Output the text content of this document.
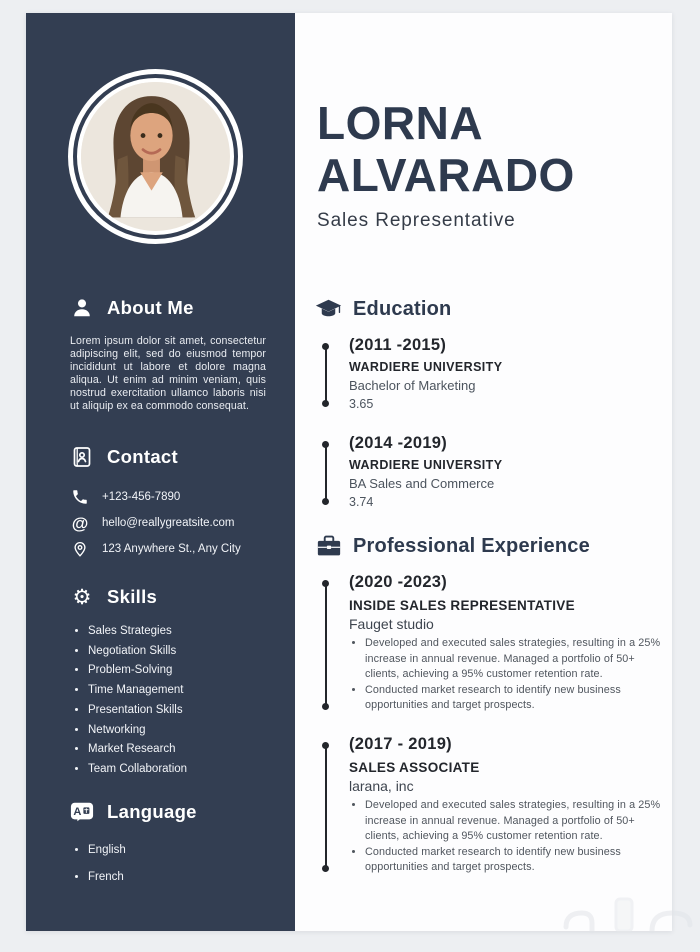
About Me
Lorem ipsum dolor sit amet, consectetur adipiscing elit, sed do eiusmod tempor incididunt ut labore et dolore magna aliqua. Ut enim ad minim veniam, quis nostrud exercitation ullamco laboris nisi ut aliquip ex ea commodo consequat.
Contact
+123-456-7890
@ hello@reallygreatsite.com
123 Anywhere St., Any City
⚙ Skills
• Sales Strategies
• Negotiation Skills
• Problem-Solving
• Time Management
• Presentation Skills
• Networking
• Market Research
• Team Collaboration
A Language
• English
• French
LORNA
ALVARADO
Sales Representative
Education
(2011 -2015)
WARDIERE UNIVERSITY
Bachelor of Marketing
3.65
(2014 -2019)
WARDIERE UNIVERSITY
BA Sales and Commerce
3.74
Professional Experience
(2020 -2023)
INSIDE SALES REPRESENTATIVE
Fauget studio
• Developed and executed sales strategies, resulting in a 25% increase in annual revenue. Managed a portfolio of 50+ clients, achieving a 95% customer retention rate.
• Conducted market research to identify new business opportunities and target prospects.
(2017 - 2019)
SALES ASSOCIATE
larana, inc
• Developed and executed sales strategies, resulting in a 25% increase in annual revenue. Managed a portfolio of 50+ clients, achieving a 95% customer retention rate.
• Conducted market research to identify new business opportunities and target prospects.
